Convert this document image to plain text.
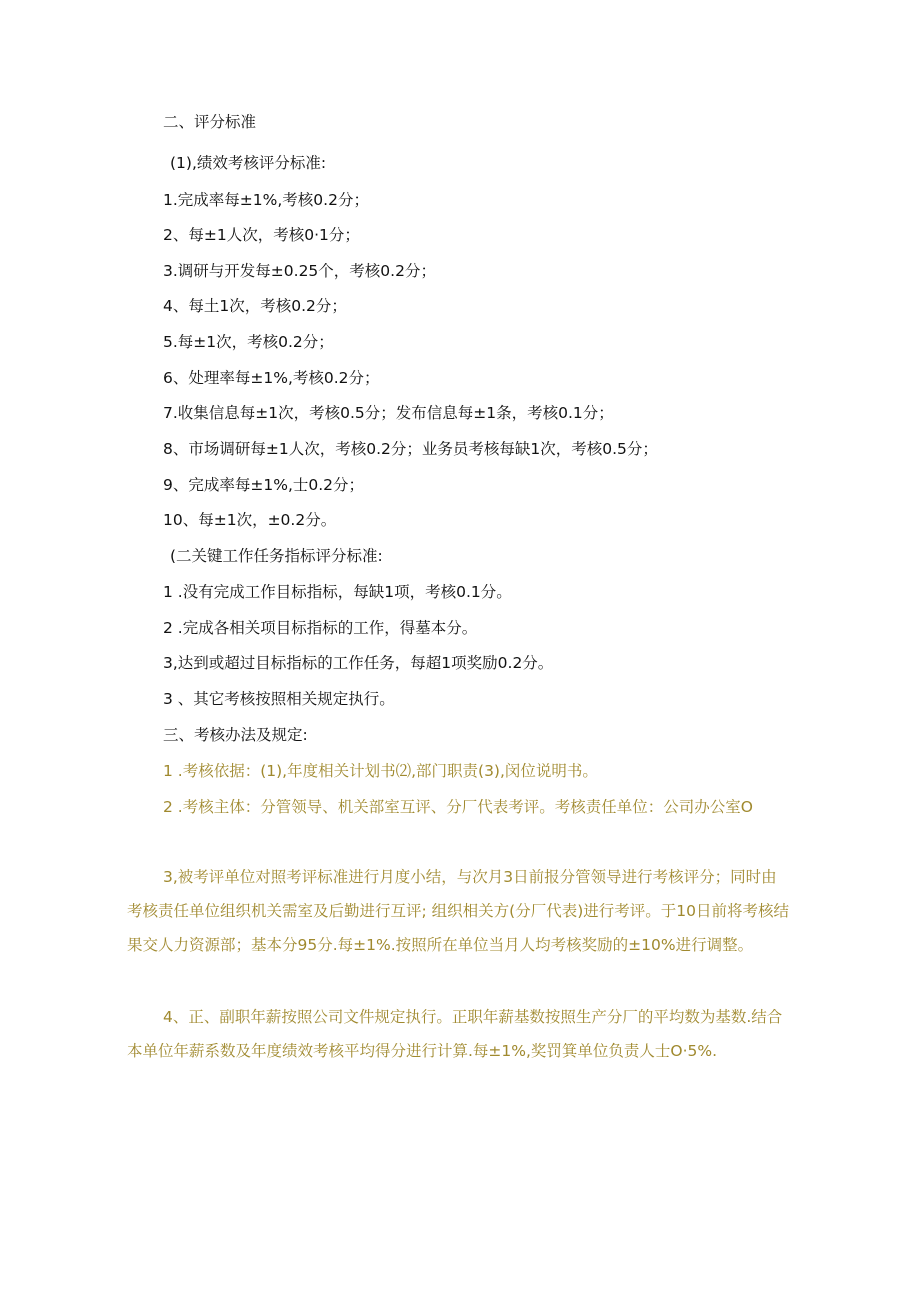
二、评分标准
(1),绩效考核评分标准:
1.完成率每±1%,考核0.2分；
2、每±1人次，考核0·1分；
3.调研与开发每±0.25个，考核0.2分；
4、每土1次，考核0.2分；
5.每±1次，考核0.2分；
6、处理率每±1%,考核0.2分；
7.收集信息每±1次，考核0.5分；发布信息每±1条，考核0.1分；
8、市场调研每±1人次，考核0.2分；业务员考核每缺1次，考核0.5分；
9、完成率每±1%,士0.2分；
10、每±1次，±0.2分。
(二关键工作任务指标评分标准:
1 .没有完成工作目标指标，每缺1项，考核0.1分。
2 .完成各相关项目标指标的工作，得墓本分。
3,达到或超过目标指标的工作任务，每超1项奖励0.2分。
3 、其它考核按照相关规定执行。
三、考核办法及规定:
1 .考核依据：(1),年度相关计划书⑵,部门职责(3),闵位说明书。
2 .考核主体：分管领导、机关部室互评、分厂代表考评。考核责任单位：公司办公室O
3,被考评单位对照考评标准进行月度小结，与次月3日前报分管领导进行考核评分；同时由考核责任单位组织机关需室及后勤进行互评; 组织相关方(分厂代表)进行考评。于10日前将考核结果交人力资源部；基本分95分.每±1%.按照所在单位当月人均考核奖励的±10%进行调整。
4、正、副职年薪按照公司文件规定执行。正职年薪基数按照生产分厂的平均数为基数.结合本单位年薪系数及年度绩效考核平均得分进行计算.每±1%,奖罚箕单位负责人士O·5%.
